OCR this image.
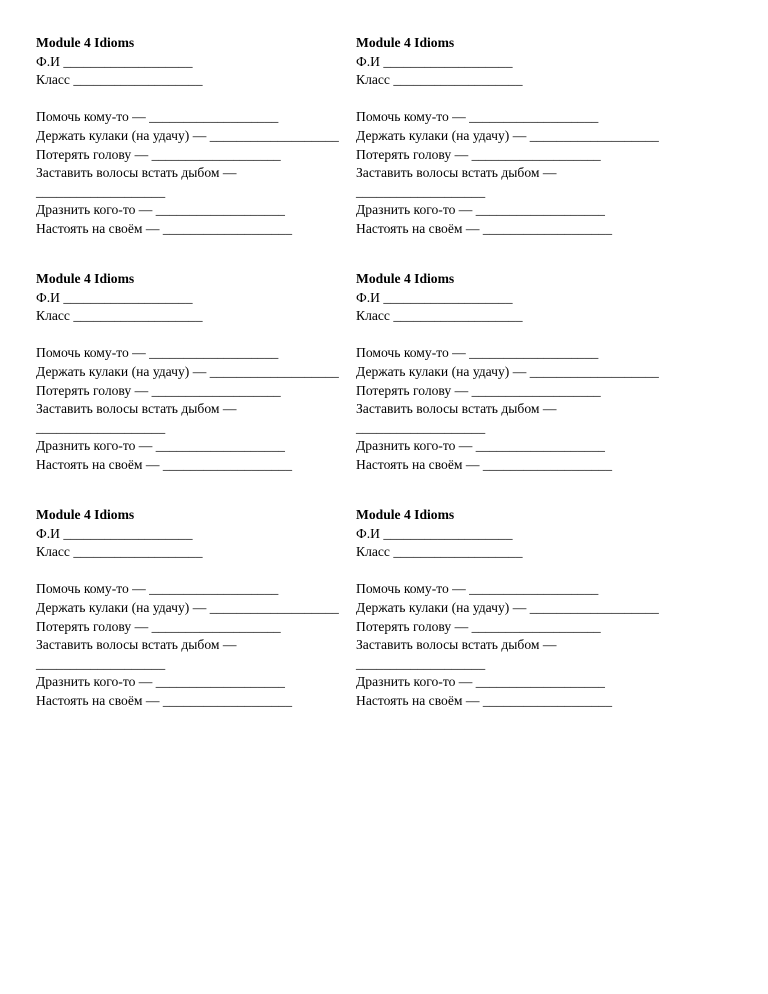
Module 4 Idioms
Ф.И ___________________
Класс ___________________
Помочь кому-то — ___________________
Держать кулаки (на удачу) — ___________________
Потерять голову — ___________________
Заставить волосы встать дыбом —
___________________
Дразнить кого-то — ___________________
Настоять на своём — ___________________
Module 4 Idioms
Ф.И ___________________
Класс ___________________
Помочь кому-то — ___________________
Держать кулаки (на удачу) — ___________________
Потерять голову — ___________________
Заставить волосы встать дыбом —
___________________
Дразнить кого-то — ___________________
Настоять на своём — ___________________
Module 4 Idioms
Ф.И ___________________
Класс ___________________
Помочь кому-то — ___________________
Держать кулаки (на удачу) — ___________________
Потерять голову — ___________________
Заставить волосы встать дыбом —
___________________
Дразнить кого-то — ___________________
Настоять на своём — ___________________
Module 4 Idioms
Ф.И ___________________
Класс ___________________
Помочь кому-то — ___________________
Держать кулаки (на удачу) — ___________________
Потерять голову — ___________________
Заставить волосы встать дыбом —
___________________
Дразнить кого-то — ___________________
Настоять на своём — ___________________
Module 4 Idioms
Ф.И ___________________
Класс ___________________
Помочь кому-то — ___________________
Держать кулаки (на удачу) — ___________________
Потерять голову — ___________________
Заставить волосы встать дыбом —
___________________
Дразнить кого-то — ___________________
Настоять на своём — ___________________
Module 4 Idioms
Ф.И ___________________
Класс ___________________
Помочь кому-то — ___________________
Держать кулаки (на удачу) — ___________________
Потерять голову — ___________________
Заставить волосы встать дыбом —
___________________
Дразнить кого-то — ___________________
Настоять на своём — ___________________
